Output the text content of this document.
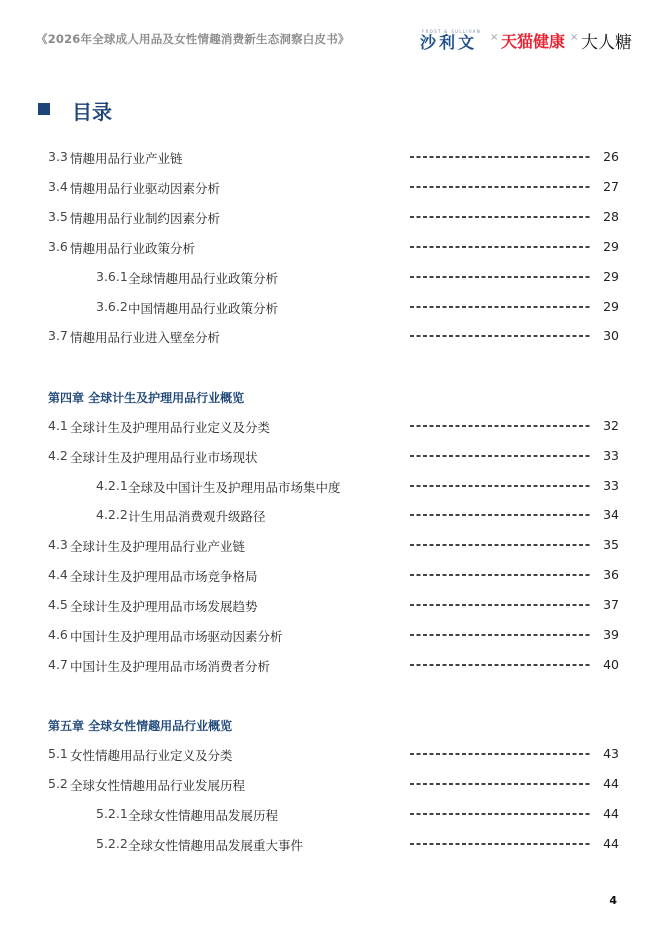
《2026年全球成人用品及女性情趣消费新生态洞察白皮书》
FROST & SULLIVAN
沙利文 × 天猫健康 × 大人糖
目录
第四章 全球计生及护理用品行业概览
第五章 全球女性情趣用品行业概览
3.3 情趣用品行业产业链	26
3.4 情趣用品行业驱动因素分析	27
3.5 情趣用品行业制约因素分析	28
3.6 情趣用品行业政策分析	29
3.6.1 全球情趣用品行业政策分析	29
3.6.2 中国情趣用品行业政策分析	29
3.7 情趣用品行业进入壁垒分析	30
4.1 全球计生及护理用品行业定义及分类	32
4.2 全球计生及护理用品行业市场现状	33
4.2.1 全球及中国计生及护理用品市场集中度	33
4.2.2 计生用品消费观升级路径	34
4.3 全球计生及护理用品行业产业链	35
4.4 全球计生及护理用品市场竞争格局	36
4.5 全球计生及护理用品市场发展趋势	37
4.6 中国计生及护理用品市场驱动因素分析	39
4.7 中国计生及护理用品市场消费者分析	40
5.1 女性情趣用品行业定义及分类	43
5.2 全球女性情趣用品行业发展历程	44
5.2.1 全球女性情趣用品发展历程	44
5.2.2 全球女性情趣用品发展重大事件	44
4
